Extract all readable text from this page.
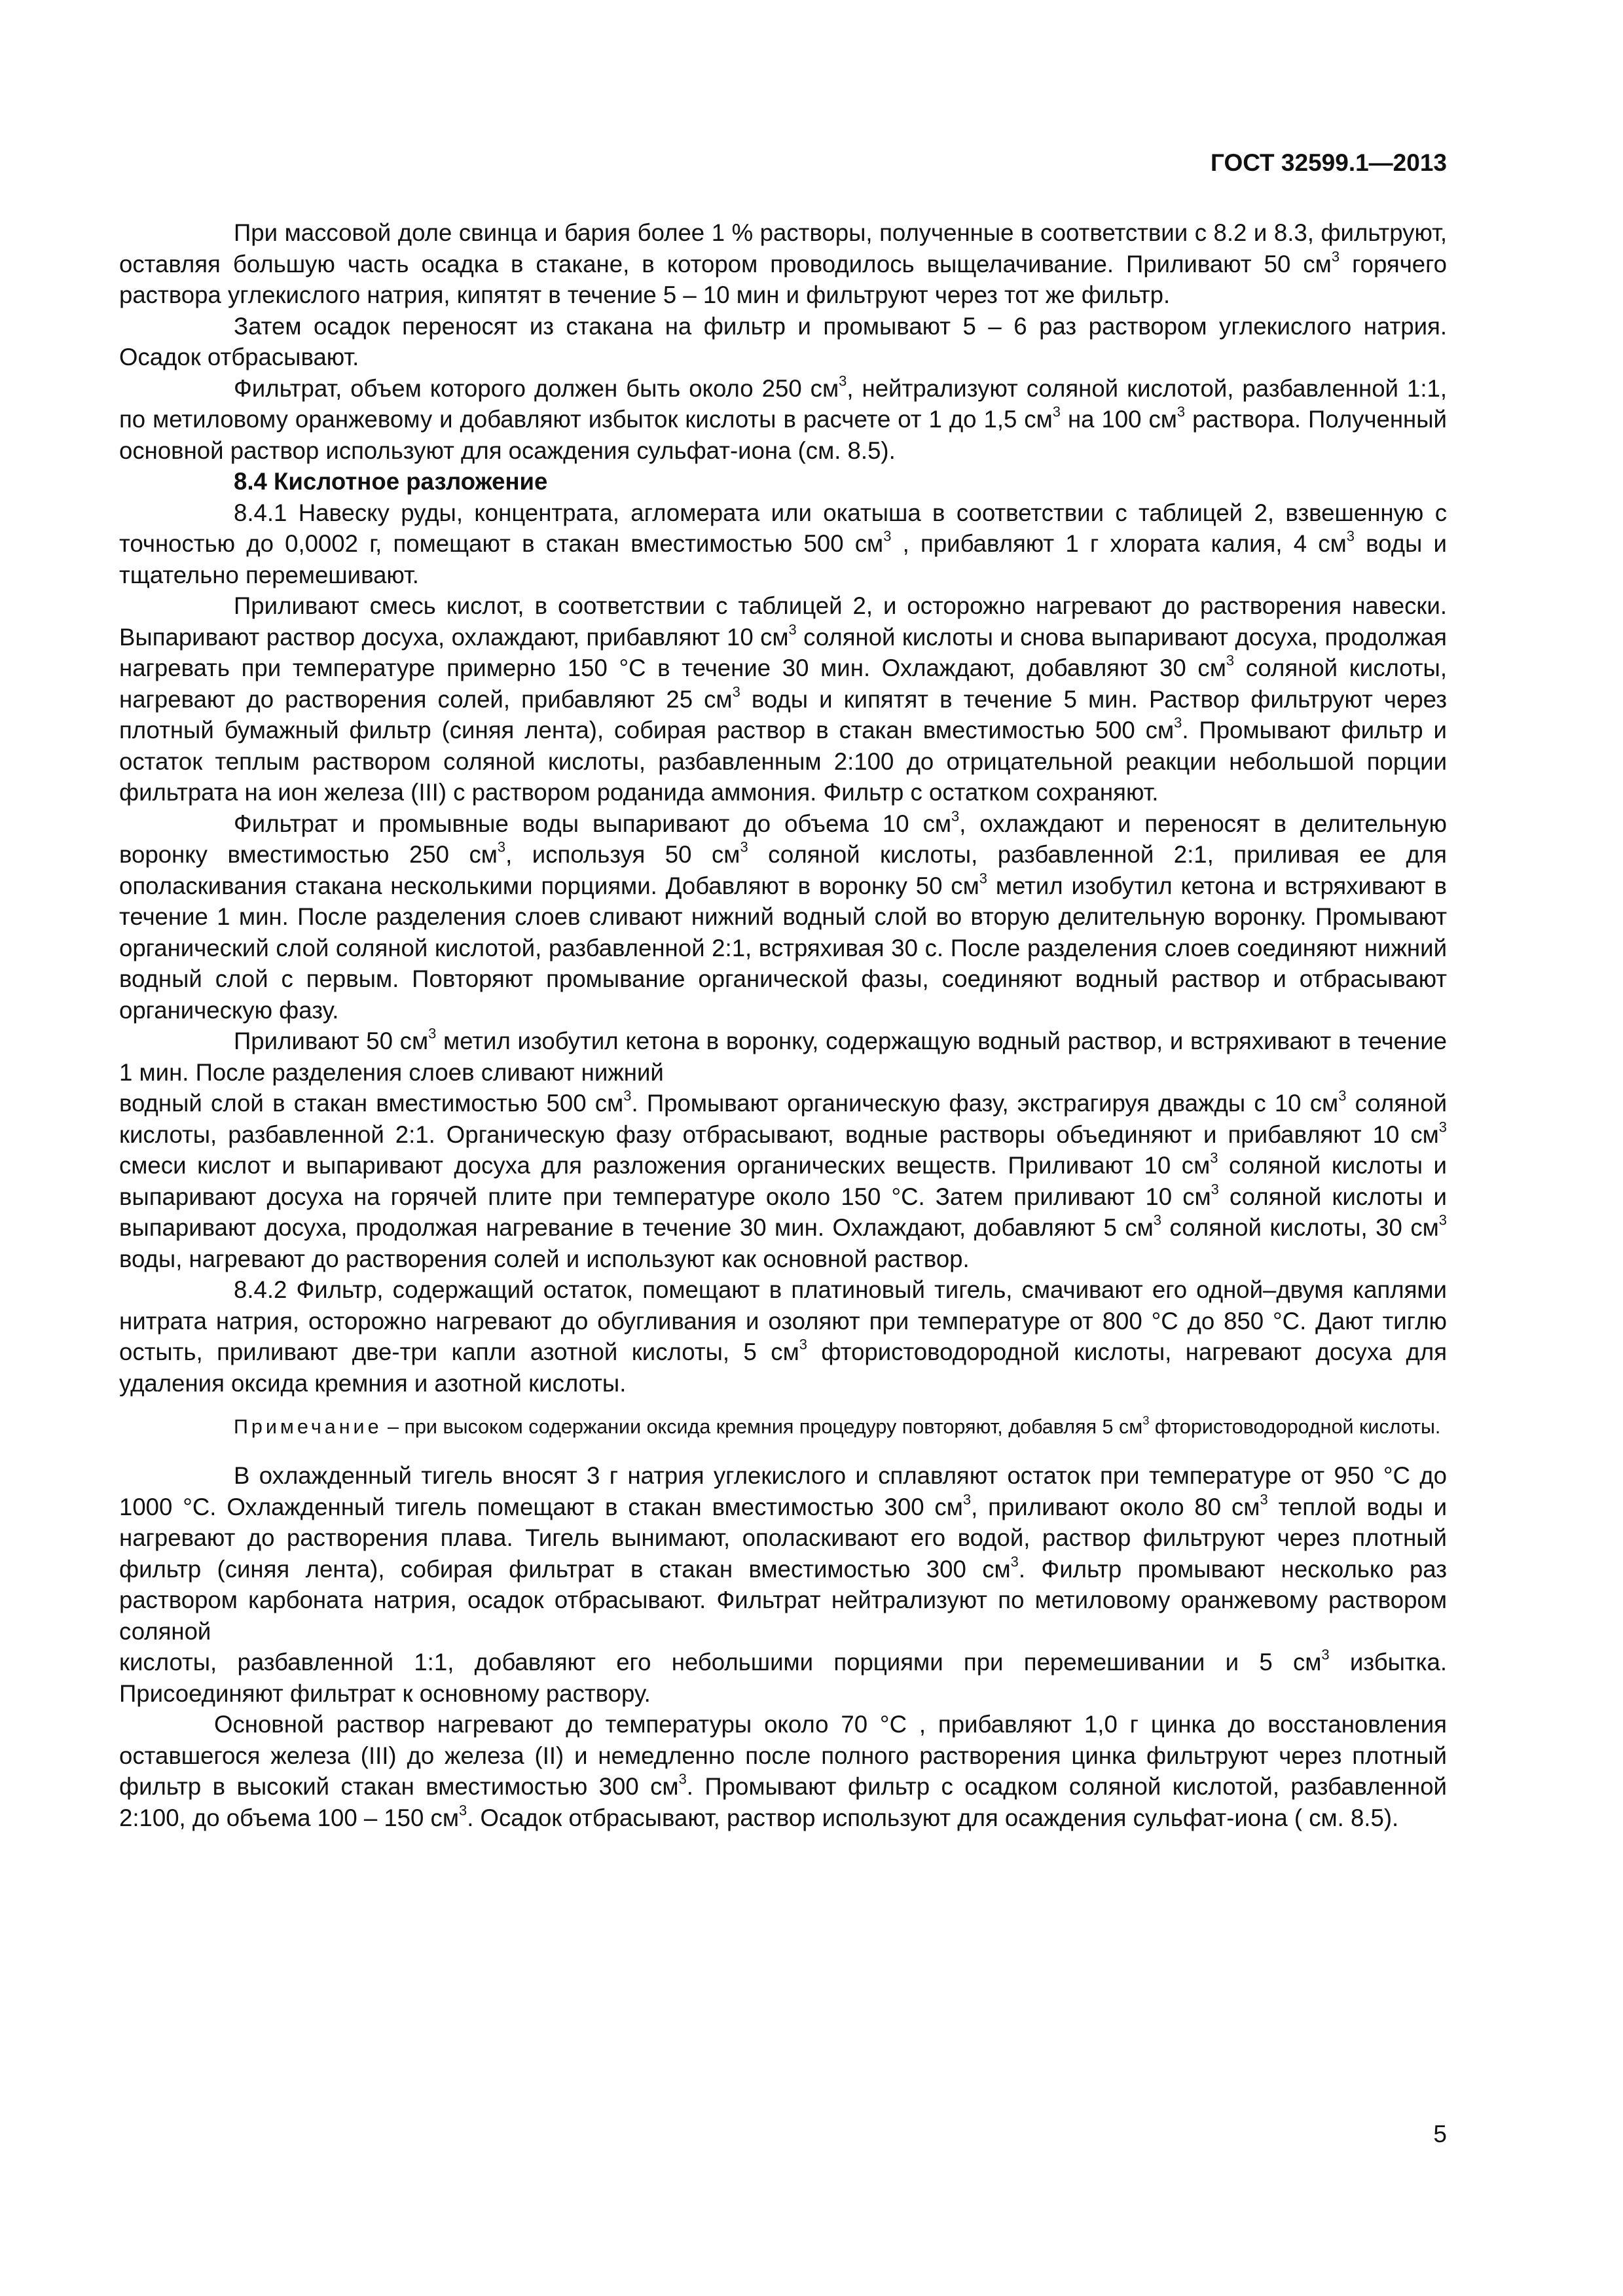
ГОСТ 32599.1—2013

При массовой доле свинца и бария более 1 % растворы, полученные в соответствии с 8.2 и 8.3, фильтруют, оставляя большую часть осадка в стакане, в котором проводилось выщелачивание. Приливают 50 $см^3$ горячего раствора углекислого натрия, кипятят в течение 5 – 10 мин и фильтруют через тот же фильтр.

Затем осадок переносят из стакана на фильтр и промывают 5 – 6 раз раствором углекислого натрия. Осадок отбрасывают.

Фильтрат, объем которого должен быть около 250 $см^3$, нейтрализуют соляной кислотой, разбавленной 1:1, по метиловому оранжевому и добавляют избыток кислоты в расчете от 1 до 1,5 $см^3$ на 100 $см^3$ раствора. Полученный основной раствор используют для осаждения сульфат-иона (см. 8.5).

8.4 Кислотное разложение

8.4.1 Навеску руды, концентрата, агломерата или окатыша в соответствии с таблицей 2, взвешенную с точностью до 0,0002 г, помещают в стакан вместимостью 500 $см^3$ , прибавляют 1 г хлората калия, 4 $см^3$ воды и тщательно перемешивают.

Приливают смесь кислот, в соответствии с таблицей 2, и осторожно нагревают до растворения навески. Выпаривают раствор досуха, охлаждают, прибавляют 10 $см^3$ соляной кислоты и снова выпаривают досуха, продолжая нагревать при температуре примерно 150 °С в течение 30 мин. Охлаждают, добавляют 30 $см^3$ соляной кислоты, нагревают до растворения солей, прибавляют 25 $см^3$ воды и кипятят в течение 5 мин. Раствор фильтруют через плотный бумажный фильтр (синяя лента), собирая раствор в стакан вместимостью 500 $см^3$. Промывают фильтр и остаток теплым раствором соляной кислоты, разбавленным 2:100 до отрицательной реакции небольшой порции фильтрата на ион железа (III) с раствором роданида аммония. Фильтр с остатком сохраняют.

Фильтрат и промывные воды выпаривают до объема 10 $см^3$, охлаждают и переносят в делительную воронку вместимостью 250 $см^3$, используя 50 $см^3$ соляной кислоты, разбавленной 2:1, приливая ее для ополаскивания стакана несколькими порциями. Добавляют в воронку 50 $см^3$ метил изобутил кетона и встряхивают в течение 1 мин. После разделения слоев сливают нижний водный слой во вторую делительную воронку. Промывают органический слой соляной кислотой, разбавленной 2:1, встряхивая 30 с. После разделения слоев соединяют нижний водный слой с первым. Повторяют промывание органической фазы, соединяют водный раствор и отбрасывают органическую фазу.

Приливают 50 $см^3$ метил изобутил кетона в воронку, содержащую водный раствор, и встряхивают в течение 1 мин. После разделения слоев сливают нижний

водный слой в стакан вместимостью 500 $см^3$. Промывают органическую фазу, экстрагируя дважды с 10 $см^3$ соляной кислоты, разбавленной 2:1. Органическую фазу отбрасывают, водные растворы объединяют и прибавляют 10 $см^3$ смеси кислот и выпаривают досуха для разложения органических веществ. Приливают 10 $см^3$ соляной кислоты и выпаривают досуха на горячей плите при температуре около 150 °С. Затем приливают 10 $см^3$ соляной кислоты и выпаривают досуха, продолжая нагревание в течение 30 мин. Охлаждают, добавляют 5 $см^3$ соляной кислоты, 30 $см^3$ воды, нагревают до растворения солей и используют как основной раствор.

8.4.2 Фильтр, содержащий остаток, помещают в платиновый тигель, смачивают его одной–двумя каплями нитрата натрия, осторожно нагревают до обугливания и озоляют при температуре от 800 °С до 850 °С. Дают тиглю остыть, приливают две-три капли азотной кислоты, 5 $см^3$ фтористоводородной кислоты, нагревают досуха для удаления оксида кремния и азотной кислоты.

Примечание – при высоком содержании оксида кремния процедуру повторяют, добавляя 5 $см^3$ фтористоводородной кислоты.

В охлажденный тигель вносят 3 г натрия углекислого и сплавляют остаток при температуре от 950 °С до 1000 °С. Охлажденный тигель помещают в стакан вместимостью 300 $см^3$, приливают около 80 $см^3$ теплой воды и нагревают до растворения плава. Тигель вынимают, ополаскивают его водой, раствор фильтруют через плотный фильтр (синяя лента), собирая фильтрат в стакан вместимостью 300 $см^3$. Фильтр промывают несколько раз раствором карбоната натрия, осадок отбрасывают. Фильтрат нейтрализуют по метиловому оранжевому раствором соляной

кислоты, разбавленной 1:1, добавляют его небольшими порциями при перемешивании и 5 $см^3$ избытка. Присоединяют фильтрат к основному раствору.

Основной раствор нагревают до температуры около 70 °С , прибавляют 1,0 г цинка до восстановления оставшегося железа (III) до железа (II) и немедленно после полного растворения цинка фильтруют через плотный фильтр в высокий стакан вместимостью 300 $см^3$. Промывают фильтр с осадком соляной кислотой, разбавленной 2:100, до объема 100 – 150 $см^3$. Осадок отбрасывают, раствор используют для осаждения сульфат-иона ( см. 8.5).

5
